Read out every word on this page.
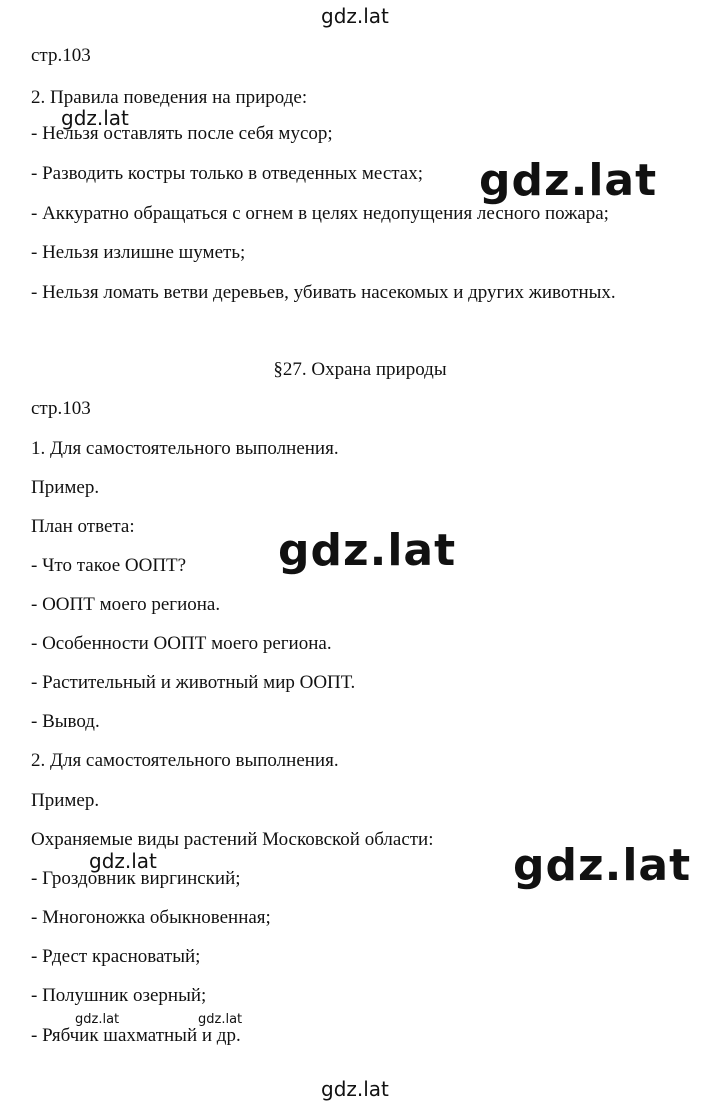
gdz.lat
gdz.lat
gdz.lat
gdz.lat
gdz.lat	gdz.lat
gdz.lat	gdz.lat
gdz.lat
стр.103
2. Правила поведения на природе:
- Нельзя оставлять после себя мусор;
- Разводить костры только в отведенных местах;
- Аккуратно обращаться с огнем в целях недопущения лесного пожара;
- Нельзя излишне шуметь;
- Нельзя ломать ветви деревьев, убивать насекомых и других животных.
§27. Охрана природы
стр.103
1. Для самостоятельного выполнения.
Пример.
План ответа:
- Что такое ООПТ?
- ООПТ моего региона.
- Особенности ООПТ моего региона.
- Растительный и животный мир ООПТ.
- Вывод.
2. Для самостоятельного выполнения.
Пример.
Охраняемые виды растений Московской области:
- Гроздовник виргинский;
- Многоножка обыкновенная;
- Рдест красноватый;
- Полушник озерный;
- Рябчик шахматный и др.
